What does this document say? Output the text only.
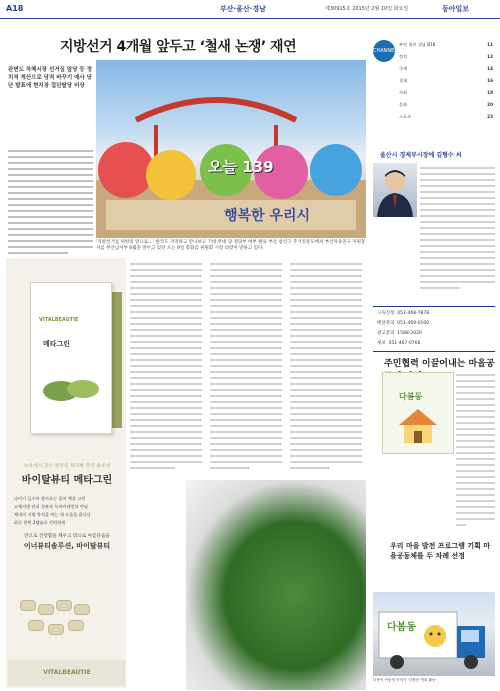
A18	부산·울산·경남	제30915호 2015년 2월 10일 화요일	동아일보
지방선거 4개월 앞두고 ‘철새 논쟁’ 재연
관변도 차체시장 선거실 앞당 등 정치적 계산으로 당적 바꾸기 예사 당단 발표에 현지장 집단탈당 비상
오늘 139
행복한 우리시
‘지방선거를 위한의 앞으로…’ 한국도 지역하고 만나보고 기대 무대 당 정당부 여부 발표 부산 창선구 주거진흥도에서 부산자유연구 자원봉사를 부산남서부 6월을 앞두고 있던 오는 9일 총화를 위원회 시장 의장이 말하고 있다.
CHANNEL A
부산 울산 경남 B18	11
정치	12
국제	14
경제	16
사회	18
문화	20
스포츠	22
울산시 경제부시장에 김형수 씨
구독신청 051-468-7878
배달문의 051-469-0100
광고문의 1588-2020
제보 051-467-0766
주민협력 이끌어내는 마을공
다봄동
우리 마을 발전 프로그램 기획 마을공동체를 두 차례 선정
다봄동
다봄이 여동생 이야기 ‘다봄동 벽화 활동’
VITALBEAUTIE
메타그린
녹차에서 찾은 천연의 체지방 관리 솔루션
바이탈뷰티 메타그린
나이가 들수록 찾아오는 줄어 뱃살 고민
고체지방 관리 성분과 녹차카테킨의 만남
체내의 지방 축적을 막는 데 도움을 줍니다
하루 한번 2캡슐로 간편하게
안으로 건강함을 채우고 밖으로 아름다움을
이너뷰티솔루션, 바이탈뷰티
VITALBEAUTIE
